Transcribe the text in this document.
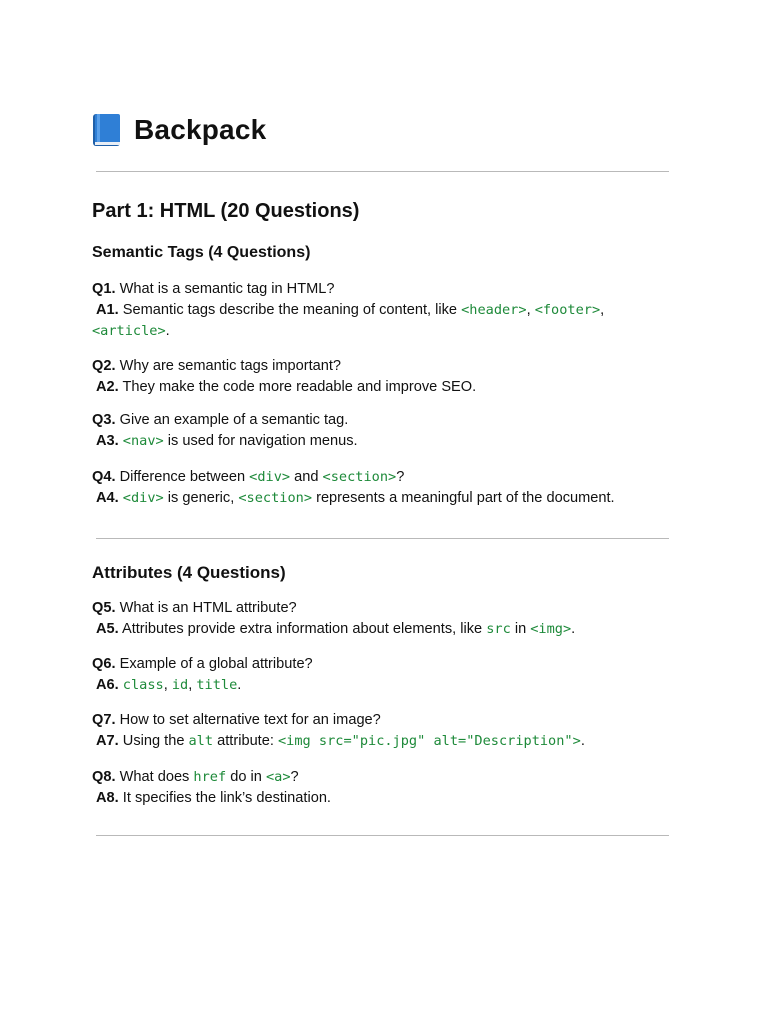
Backpack
Part 1: HTML (20 Questions)
Semantic Tags (4 Questions)
Q1. What is a semantic tag in HTML?
A1. Semantic tags describe the meaning of content, like <header>, <footer>,
<article>.
Q2. Why are semantic tags important?
A2. They make the code more readable and improve SEO.
Q3. Give an example of a semantic tag.
A3. <nav> is used for navigation menus.
Q4. Difference between <div> and <section>?
A4. <div> is generic, <section> represents a meaningful part of the document.
Attributes (4 Questions)
Q5. What is an HTML attribute?
A5. Attributes provide extra information about elements, like src in <img>.
Q6. Example of a global attribute?
A6. class, id, title.
Q7. How to set alternative text for an image?
A7. Using the alt attribute: <img src="pic.jpg" alt="Description">.
Q8. What does href do in <a>?
A8. It specifies the link’s destination.
